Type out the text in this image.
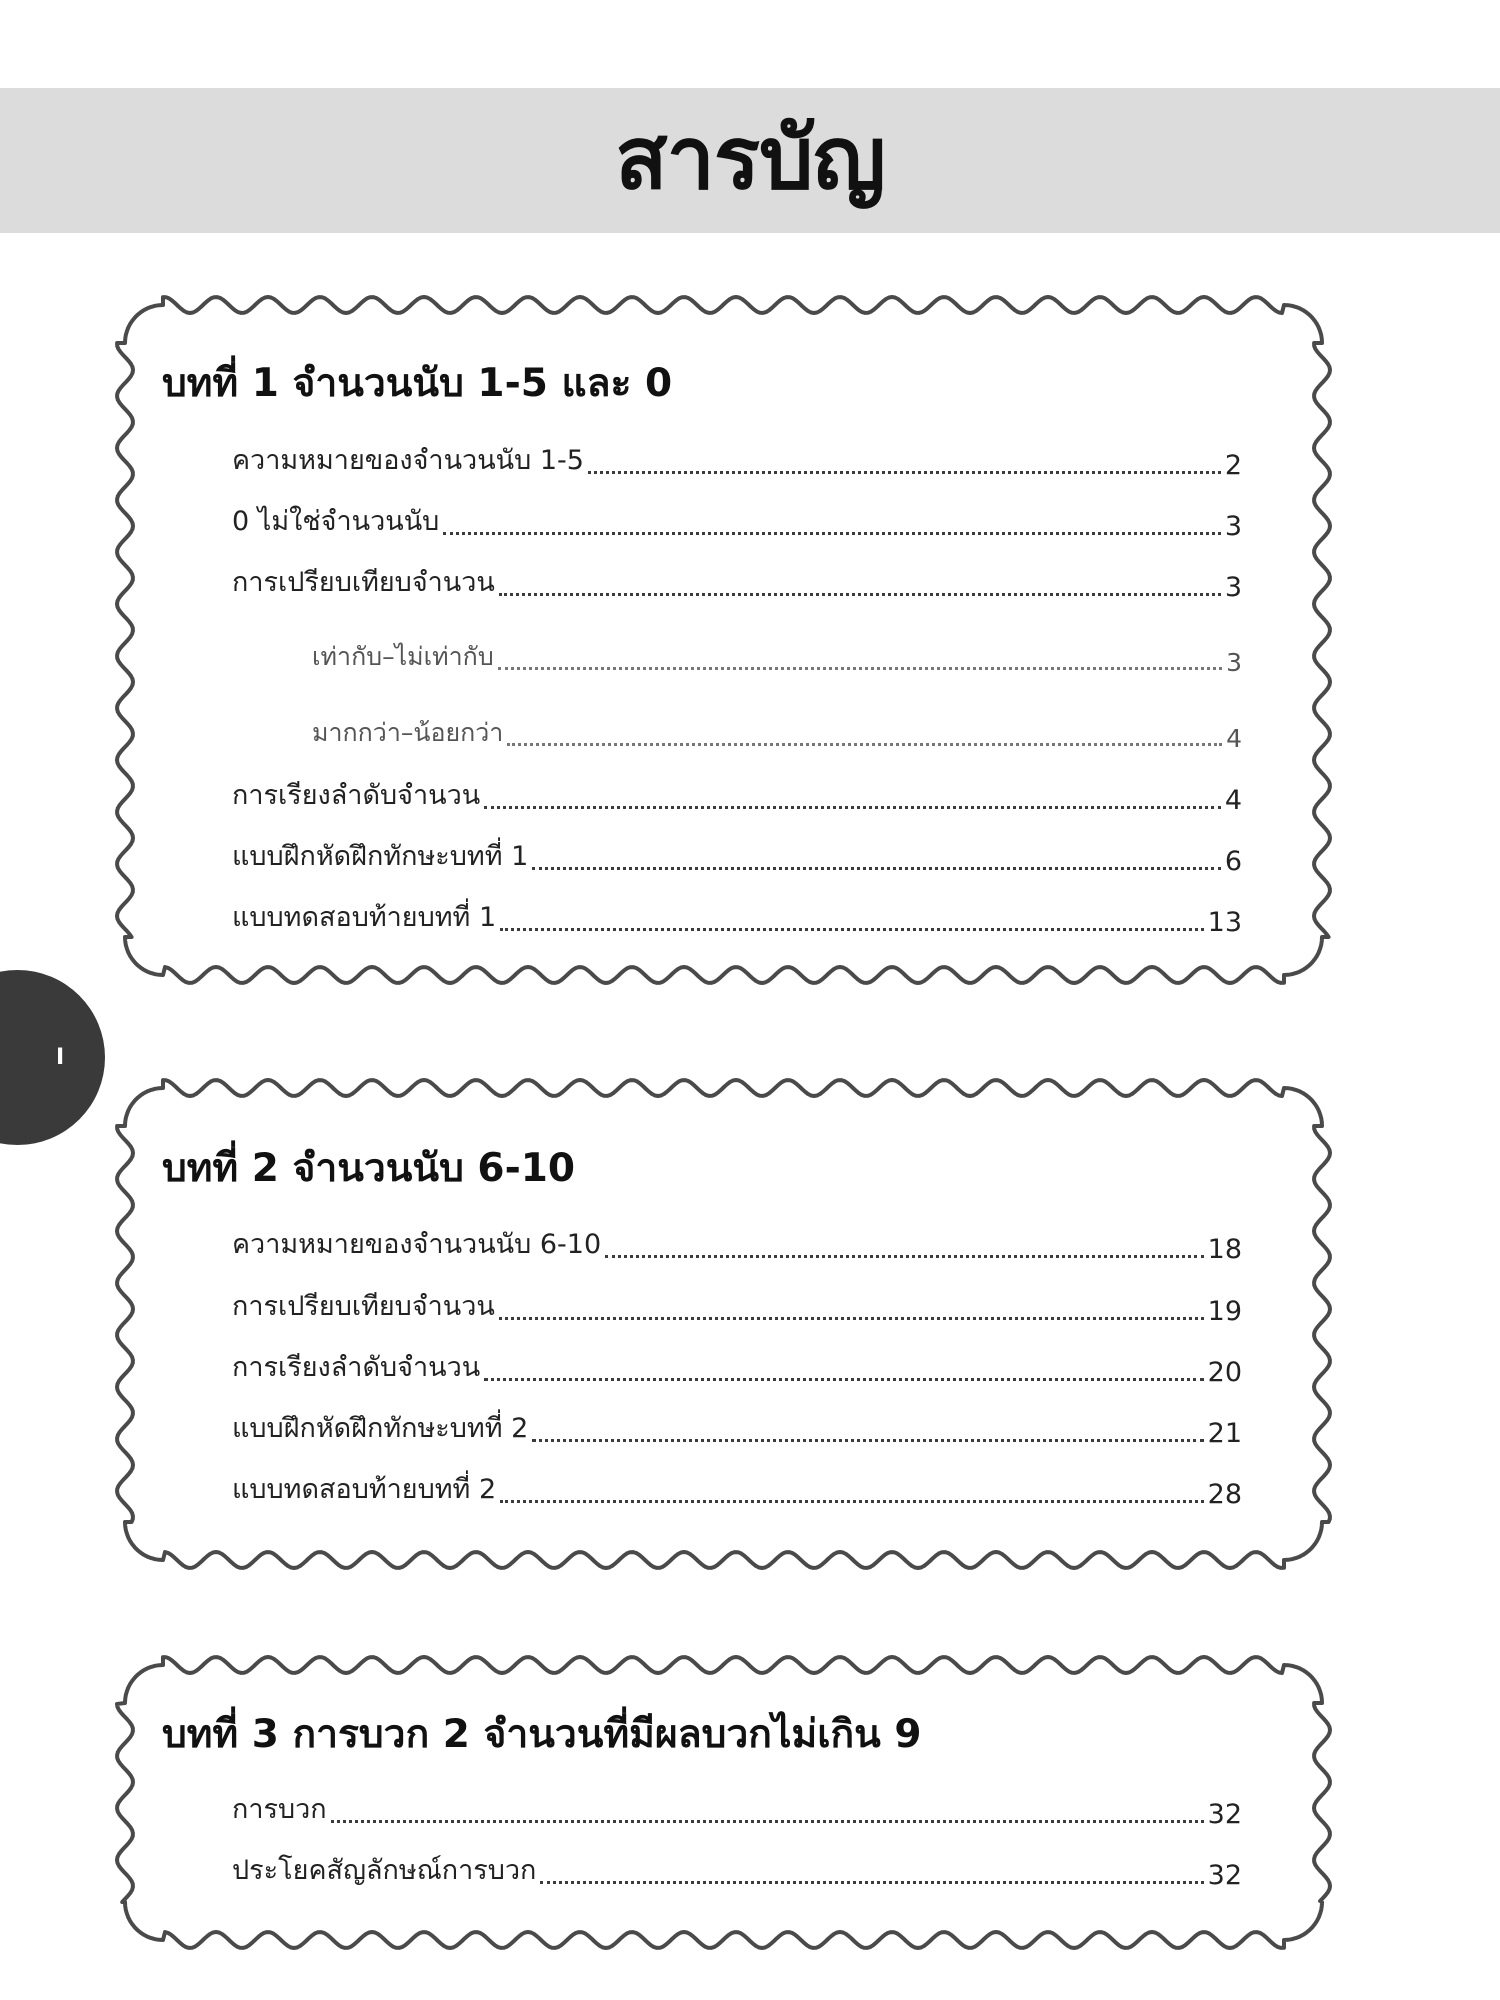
สารบัญ
I
บทที่ 1 จำนวนนับ 1-5 และ 0
ความหมายของจำนวนนับ 1-5	2
0 ไม่ใช่จำนวนนับ	3
การเปรียบเทียบจำนวน	3
เท่ากับ–ไม่เท่ากับ	3
มากกว่า–น้อยกว่า	4
การเรียงลำดับจำนวน	4
แบบฝึกหัดฝึกทักษะบทที่ 1	6
แบบทดสอบท้ายบทที่ 1	13
บทที่ 2 จำนวนนับ 6-10
ความหมายของจำนวนนับ 6-10	18
การเปรียบเทียบจำนวน	19
การเรียงลำดับจำนวน	20
แบบฝึกหัดฝึกทักษะบทที่ 2	21
แบบทดสอบท้ายบทที่ 2	28
บทที่ 3 การบวก 2 จำนวนที่มีผลบวกไม่เกิน 9
การบวก	32
ประโยคสัญลักษณ์การบวก	32
